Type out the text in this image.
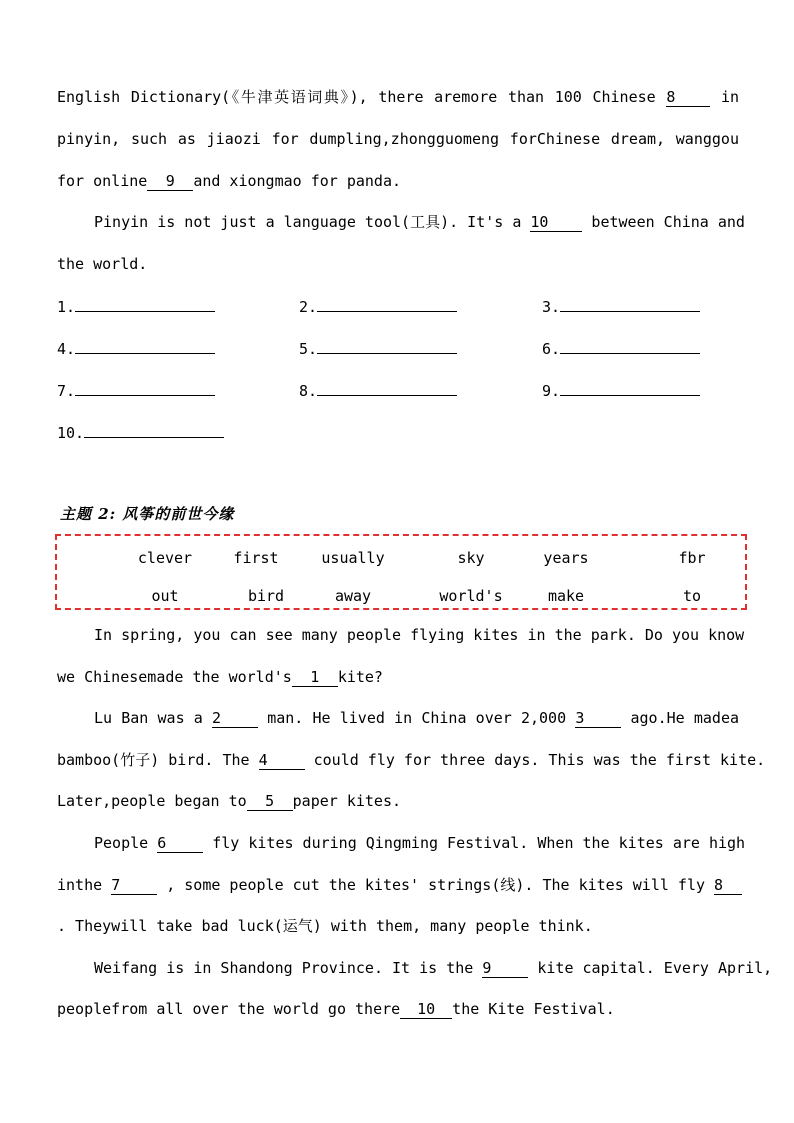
English Dictionary(《牛津英语词典》), there aremore than 100 Chinese 8	in
pinyin, such as jiaozi for dumpling,zhongguomeng forChinese dream, wanggou
for online 9 and xiongmao for panda.
Pinyin is not just a language tool(工具). It's a 10	between China and
the world.
1.	2.	3.
4.	5.	6.
7.	8.	9.
10.
主题 2: 风筝的前世今缘
clever	first	usually	sky	years	fbr
out	bird	away	world's	make	to
In spring, you can see many people flying kites in the park. Do you know
we Chinesemade the world's 1 kite?
Lu Ban was a 2	man. He lived in China over 2,000 3	ago.He madea
bamboo(竹子) bird. The 4	could fly for three days. This was the first kite.
Later,people began to 5 paper kites.
People 6	fly kites during Qingming Festival. When the kites are high
inthe 7	, some people cut the kites' strings(线). The kites will fly 8
. Theywill take bad luck(运气) with them, many people think.
Weifang is in Shandong Province. It is the 9	kite capital. Every April,
peoplefrom all over the world go there 10 the Kite Festival.
